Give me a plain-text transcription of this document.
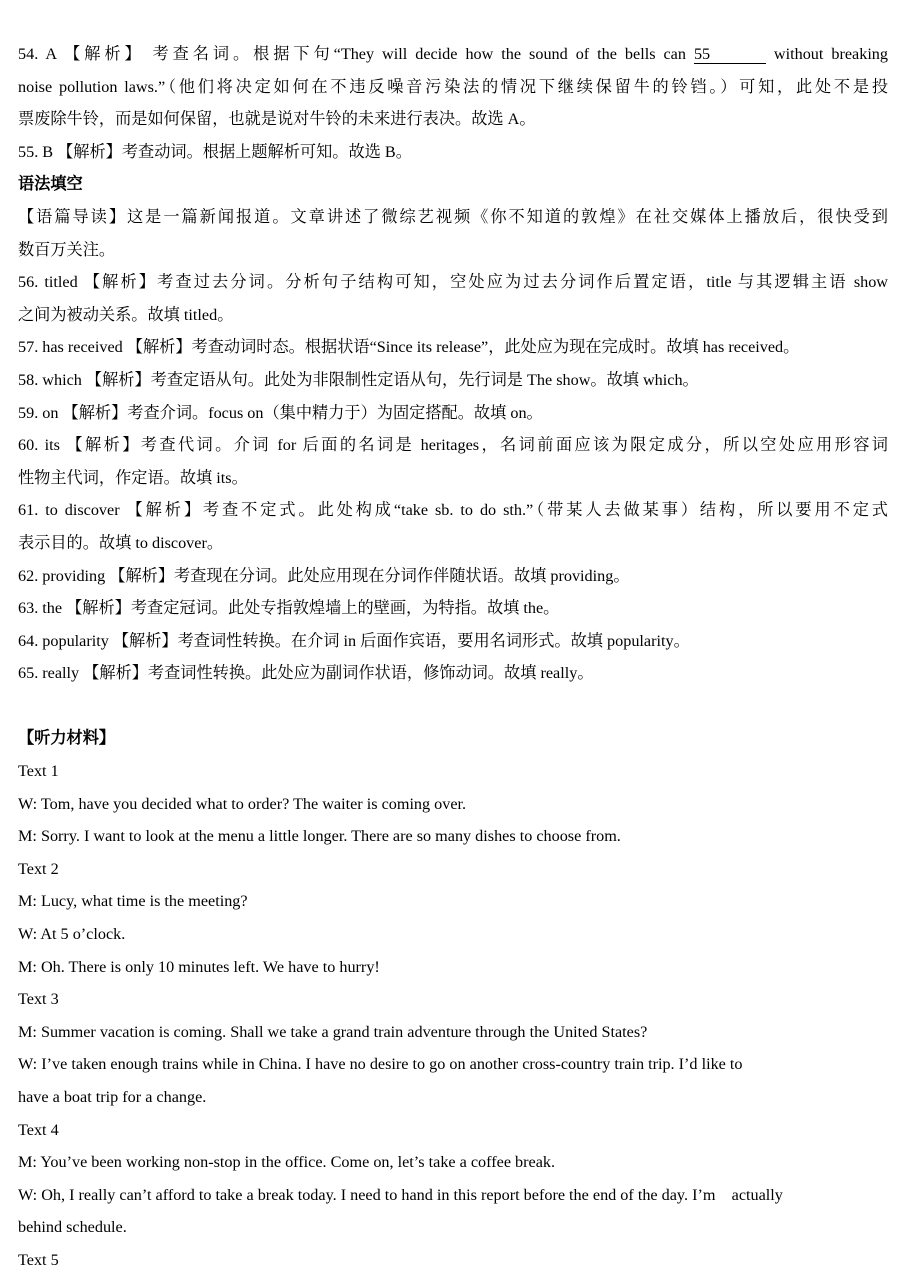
54. A 【解析】 考查名词。根据下句“They will decide how the sound of the bells can 55	without breaking
noise pollution laws.”（他们将决定如何在不违反噪音污染法的情况下继续保留牛的铃铛。）可知，此处不是投
票废除牛铃，而是如何保留，也就是说对牛铃的未来进行表决。故选 A。
55. B 【解析】考查动词。根据上题解析可知。故选 B。
语法填空
【语篇导读】这是一篇新闻报道。文章讲述了微综艺视频《你不知道的敦煌》在社交媒体上播放后，很快受到
数百万关注。
56. titled 【解析】考查过去分词。分析句子结构可知，空处应为过去分词作后置定语，title 与其逻辑主语 show
之间为被动关系。故填 titled。
57. has received 【解析】考查动词时态。根据状语“Since its release”，此处应为现在完成时。故填 has received。
58. which 【解析】考查定语从句。此处为非限制性定语从句，先行词是 The show。故填 which。
59. on 【解析】考查介词。focus on（集中精力于）为固定搭配。故填 on。
60. its 【解析】考查代词。介词 for 后面的名词是 heritages，名词前面应该为限定成分，所以空处应用形容词
性物主代词，作定语。故填 its。
61. to discover 【解析】考查不定式。此处构成“take sb. to do sth.”（带某人去做某事）结构，所以要用不定式
表示目的。故填 to discover。
62. providing 【解析】考查现在分词。此处应用现在分词作伴随状语。故填 providing。
63. the 【解析】考查定冠词。此处专指敦煌墙上的壁画，为特指。故填 the。
64. popularity 【解析】考查词性转换。在介词 in 后面作宾语，要用名词形式。故填 popularity。
65. really 【解析】考查词性转换。此处应为副词作状语，修饰动词。故填 really。
【听力材料】
Text 1
W: Tom, have you decided what to order? The waiter is coming over.
M: Sorry. I want to look at the menu a little longer. There are so many dishes to choose from.
Text 2
M: Lucy, what time is the meeting?
W: At 5 o’clock.
M: Oh. There is only 10 minutes left. We have to hurry!
Text 3
M: Summer vacation is coming. Shall we take a grand train adventure through the United States?
W: I’ve taken enough trains while in China. I have no desire to go on another cross-country train trip. I’d like to
have a boat trip for a change.
Text 4
M: You’ve been working non-stop in the office. Come on, let’s take a coffee break.
W: Oh, I really can’t afford to take a break today. I need to hand in this report before the end of the day. I’m    actually
behind schedule.
Text 5
